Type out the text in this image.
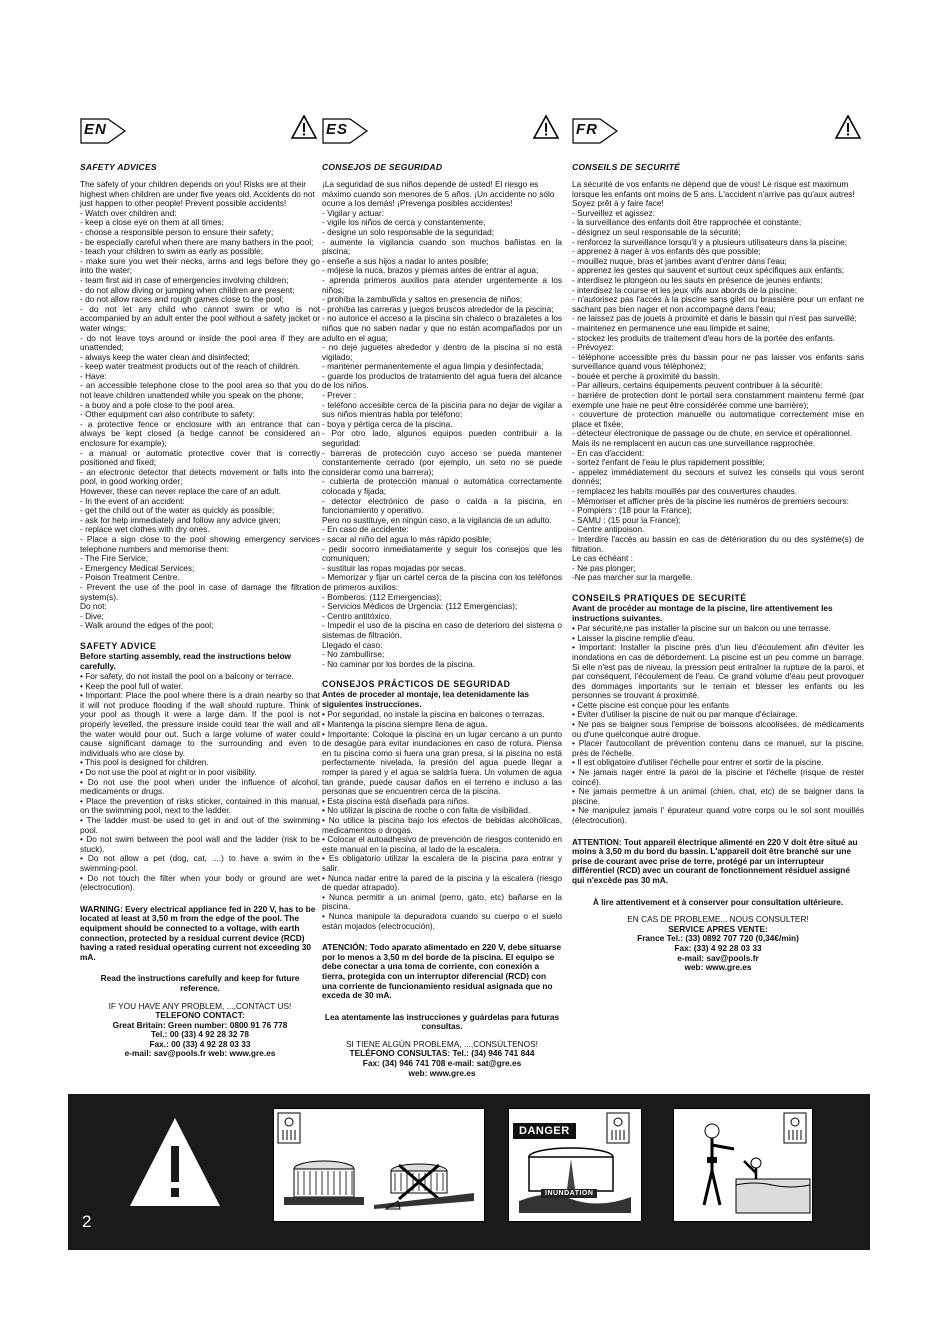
EN
SAFETY ADVICES

The safety of your children depends on you! Risks are at their highest when children are under five years old. Accidents do not just happen to other people! Prevent possible accidents!

- Watch over children and:
- keep a close eye on them at all times;
- choose a responsible person to ensure their safety;
- be especially careful when there are many bathers in the pool;
- teach your children to swim as early as possible;
- make sure you wet their necks, arms and legs before they go into the water;
- team first aid in case of emergencies involving children;
- do not allow diving or jumping when children are present;
- do not allow races and rough games close to the pool;
- do not let any child who cannot swim or who is not accompanied by an adult enter the pool without a safety jacket or water wings;
- do not leave toys around or inside the pool area if they are unattended;
- always keep the water clean and disinfected;
- keep water treatment products out of the reach of children.
- Have:
- an accessible telephone close to the pool area so that you do not leave children unattended while you speak on the phone;
- a buoy and a pole close to the pool area.
- Other equipment can also contribute to safety:
- a protective fence or enclosure with an entrance that can always be kept closed (a hedge cannot be considered an enclosure for example);
- a manual or automatic protective cover that is correctly positioned and fixed;
- an electronic detector that detects movement or falls into the pool, in good working order;
However, these can never replace the care of an adult.
- In the event of an accident:
- get the child out of the water as quickly as possible;
- ask for help immediately and follow any advice given;
- replace wet clothes with dry ones.
- Place a sign close to the pool showing emergency services telephone numbers and memorise them:
- The Fire Service;
- Emergency Medical Services;
- Poison Treatment Centre.
- Prevent the use of the pool in case of damage the filtration system(s).
Do not:
- Dive;
- Walk around the edges of the pool;
SAFETY ADVICE

Before starting assembly, read the instructions below carefully.

• For safety, do not install the pool on a balcony or terrace.
• Keep the pool full of water.
• Important: Place the pool where there is a drain nearby so that it will not produce flooding if the wall should rupture. Think of your pool as though it were a large dam. If the pool is not properly levelled, the pressure inside could tear the wall and all the water would pour out. Such a large volume of water could cause significant damage to the surrounding and even to individuals who are close by.
• This pool is designed for children.
• Do not use the pool at night or in poor visibility.
• Do not use the pool when under the influence of alcohol, medicaments or drugs.
• Place the prevention of risks sticker, contained in this manual, on the swimming pool, next to the ladder.
• The ladder must be used to get in and out of the swimming pool.
• Do not swim between the pool wall and the ladder (risk to be stuck).
• Do not allow a pet (dog, cat, ....) to have a swim in the swimming-pool.
• Do not touch the filter when your body or ground are wet (electrocution).

WARNING: Every electrical appliance fed in 220 V, has to be located at least at 3,50 m from the edge of the pool. The equipment should be connected to a voltage, with earth connection, protected by a residual current device (RCD) having a rated residual operating current not exceeding 30 mA.

Read the instructions carefully and keep for future reference.

IF YOU HAVE ANY PROBLEM, ...,CONTACT US!

TELEFONO CONTACT:

Great Britain: Green number: 0800 91 76 778

Tel.: 00 (33) 4 92 28 32 78

Fax.: 00 (33) 4 92 28 03 33

e-mail: sav@pools.fr web: www.gre.es

ES
CONSEJOS DE SEGURIDAD

¡La seguridad de sus niños depende de usted! El riesgo es máximo cuando son menores de 5 años. ¡Un accidente no sólo ocurre a los demás! ¡Prevenga posibles accidentes!

- Vigilar y actuar:
- vigile los niños de cerca y constantemente;
- designe un solo responsable de la seguridad;
- aumente la vigilancia cuando son muchos bañistas en la piscina;
- enseñe a sus hijos a nadar lo antes posible;
- mójese la nuca, brazos y piernas antes de entrar al agua;
- aprenda primeros auxilios para atender urgentemente a los niños;
- prohíba la zambullida y saltos en presencia de niños;
- prohíba las carreras y juegos bruscos alrededor de la piscina;
- no autorice el acceso a la piscina sin chaleco o brazaletes a los niños que no saben nadar y que no están acompañados por un adulto en el agua;
- no deje juguetes alrededor y dentro de la piscina si no está vigilado;
- mantener permanentemente el agua limpia y desinfectada;
- guarde los productos de tratamiento del agua fuera del alcance de los niños.
- Prever :
- teléfono accesible cerca de la piscina para no dejar de vigilar a sus niños mientras habla por teléfono;
- boya y pértiga cerca de la piscina.
- Por otro lado, algunos equipos pueden contribuir a la seguridad:
- barreras de protección cuyo acceso se pueda mantener constantemente cerrado (por ejemplo, un seto no se puede considerar como una barrera);
- cubierta de protección manual o automática correctamente colocada y fijada;
- detector electrónico de paso o caída a la piscina, en funcionamiento y operativo.
Pero no sustituye, en ningún caso, a la vigilancia de un adulto.
- En caso de accidente:
- sacar al niño del agua lo más rápido posible;
- pedir socorro inmediatamente y seguir los consejos que les comuniquen;
- sustituir las ropas mojadas por secas.
- Memorizar y fijar un cartel cerca de la piscina con los teléfonos de primeros auxilios:
- Bomberos: (112 Emergencias);
- Servicios Médicos de Urgencia: (112 Emergencias);
- Centro antitóxico.
- Impedir el uso de la piscina en caso de deterioro del sistema o sistemas de filtración.
Llegado el caso:
- No zambullirse;
- No caminar por los bordes de la piscina.
CONSEJOS PRÁCTICOS DE SEGURIDAD

Antes de proceder al montaje, lea detenidamente las siguientes instrucciones.

• Por seguridad, no instale la piscina en balcones o terrazas.
• Mantenga la piscina siempre llena de agua.
• Importante: Coloque la piscina en un lugar cercano a un punto de desagüe para evitar inundaciones en caso de rotura. Piensa en tu piscina como si fuera una gran presa, si la piscina no está perfectamente nivelada, la presión del agua puede llegar a romper la pared y el agua se saldría fuera. Un volumen de agua tan grande, puede causar daños en el terreno e incluso a las personas que se encuentren cerca de la piscina.
• Esta piscina está diseñada para niños.
• No utilizar la piscina de noche o con falta de visibilidad.
• No utilice la piscina bajo los efectos de bebidas alcohólicas, medicamentos o drogas.
• Colocar el autoadhesivo de prevención de riesgos contenido en este manual en la piscina, al lado de la escalera.
• Es obligatorio utilizar la escalera de la piscina para entrar y salir.
• Nunca nadar entre la pared de la piscina y la escalera (riesgo de quedar atrapado).
• Nunca permitir a un animal (perro, gato, etc) bañarse en la piscina.
• Nunca manipule la depuradora cuando su cuerpo o el suelo están mojados (electrocución).

ATENCIÓN: Todo aparato alimentado en 220 V, debe situarse por lo menos a 3,50 m del borde de la piscina. El equipo se debe conectar a una toma de corriente, con conexión a tierra, protegida con un interruptor diferencial (RCD) con una corriente de funcionamiento residual asignada que no exceda de 30 mA.

Lea atentamente las instrucciones y guárdelas para futuras consultas.

SI TIENE ALGÚN PROBLEMA, ...,CONSÚLTENOS!

TELÉFONO CONSULTAS: Tel.: (34) 946 741 844

Fax: (34) 946 741 708 e-mail: sat@gre.es

web: www.gre.es

FR
CONSEILS DE SECURITÉ

La sécurité de vos enfants ne dépend que de vous! Le risque est maximum lorsque les enfants ont moins de 5 ans. L'accident n'arrive pas qu'aux autres! Soyez prêt à y faire face!

- Surveillez et agissez:
- la surveillance des enfants doit être rapprochée et constante;
- désignez un seul responsable de la sécurité;
- renforcez la surveillance lorsqu'il y a plusieurs utilisateurs dans la piscine;
- apprenez à nager à vos enfants dès que possible;
- mouillez nuque, bras et jambes avant d'entrer dans l'eau;
- apprenez les gestes qui sauvent et surtout ceux spécifiques aux enfants;
- interdisez le plongeon ou les sauts en présence de jeunes enfants;
- interdisez la course et les jeux vifs aux abords de la piscine;
- n'autorisez pas l'accès à la piscine sans gilet ou brassière pour un enfant ne sachant pas bien nager et non accompagné dans l'eau;
- ne laissez pas de jouets à proximité et dans le bassin qui n'est pas surveillé;
- maintenez en permanence une eau limpide et saine;
- stockez les produits de traitement d'eau hors de la portée des enfants.
- Prévoyez:
- téléphone accessible près du bassin pour ne pas laisser vos enfants sans surveillance quand vous téléphonez;
- bouée et perche à proximité du bassin.
- Par ailleurs, certains équipements peuvent contribuer à la sécurité:
- barrière de protection dont le portail sera constamment maintenu fermé (par exemple une haie ne peut être considérée comme une barrière);
- couverture de protection manuelle ou automatique correctement mise en place et fixée;
- détecteur électronique de passage ou de chute, en service et opérationnel.
Mais ils ne remplacent en aucun cas une surveillance rapprochée.
- En cas d'accident:
- sortez l'enfant de l'eau le plus rapidement possible;
- appelez immédiatement du secours et suivez les conseils qui vous seront donnés;
- remplacez les habits mouillés par des couvertures chaudes.
- Mémoriser et afficher près de la piscine les numéros de premiers secours:
- Pompiers : (18 pour la France);
- SAMU : (15 pour la France);
- Centre antipoison.
- Interdire l'accès au bassin en cas de détérioration du ou des système(s) de filtration.
Le cas échéant :
- Ne pas plonger;
-Ne pas marcher sur la margelle.
CONSEILS PRATIQUES DE SECURITÉ

Avant de procéder au montage de la piscine, lire attentivement les instructions suivantes.

• Par sécurité,ne pas installer la piscine sur un balcon ou une terrasse.
• Laisser la piscine remplie d'eau.
• Important: Installer la piscine près d'un lieu d'écoulement afin d'éviter les inondations en cas de débordement. La piscine est un peu comme un barrage. Si elle n'est pas de niveau, la pression peut entraîner la rupture de la paroi, et par conséquent, l'écoulement de l'eau. Ce grand volume d'eau peut provoquer des dommages importants sur le terrain et blesser les enfants ou les personnes se trouvant à proximité.
• Cette piscine est conçue pour les enfants
• Eviter d'utiliser la piscine de nuit ou par manque d'éclairage.
• Ne pas se baigner sous l'emprise de boissons alcoolisées, de médicaments ou d'une quelconque autre drogue.
• Placer l'autocollant de prévention contenu dans ce manuel, sur la piscine, près de l'échelle.
• Il est obligatoire d'utiliser l'échelle pour entrer et sortir de la piscine.
• Ne jamais nager entre la paroi de la piscine et l'échelle (risque de rester coincé).
• Ne jamais permettre à un animal (chien, chat, etc) de se baigner dans la piscine.
• Ne manipulez jamais l' épurateur quand votre corps ou le sol sont mouillés (électrocution).

ATTENTION: Tout appareil électrique alimenté en 220 V doit être situé au moins à 3,50 m du bord du bassin. L'appareil doit être branché sur une prise de courant avec prise de terre, protégé par un interrupteur différentiel (RCD) avec un courant de fonctionnement résiduel assigné qui n'excède pas 30 mA.

À lire attentivement et à conserver pour consultation ultérieure.

EN CAS DE PROBLEME... NOUS CONSULTER!

SERVICE APRES VENTE:

France Tel.: (33) 0892 707 720 (0,34€/min)

Fax: (33) 4 92 28 03 33

e-mail: sav@pools.fr

web: www.gre.es

DANGER
INUNDATION
2
